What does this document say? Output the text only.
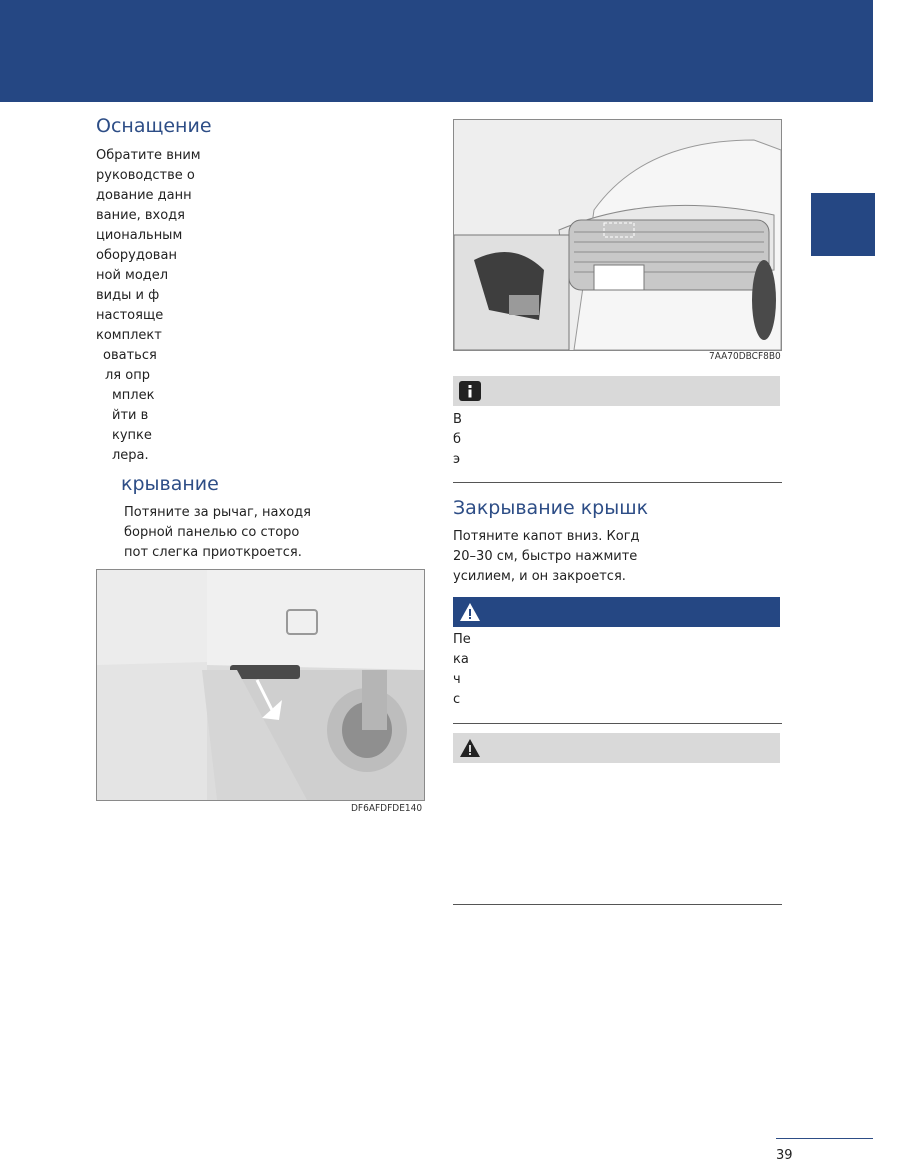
Оснащение
Обратите вним
руководстве о
дование данн
вание, входя
циональным
оборудован
ной модел
виды и ф
настояще
комплект
оваться
ля опр
мплек
йти в
купке
лера.
крывание
Потяните за рычаг, находя
борной панелью со сторо
пот слегка приоткроется.
DF6AFDFDE140
7AA70DBCF8B0
В
б
э
Закрывание крышк
Потяните капот вниз. Когд
20–30 см, быстро нажмите
усилием, и он закроется.
Пе
ка
ч
с
39
